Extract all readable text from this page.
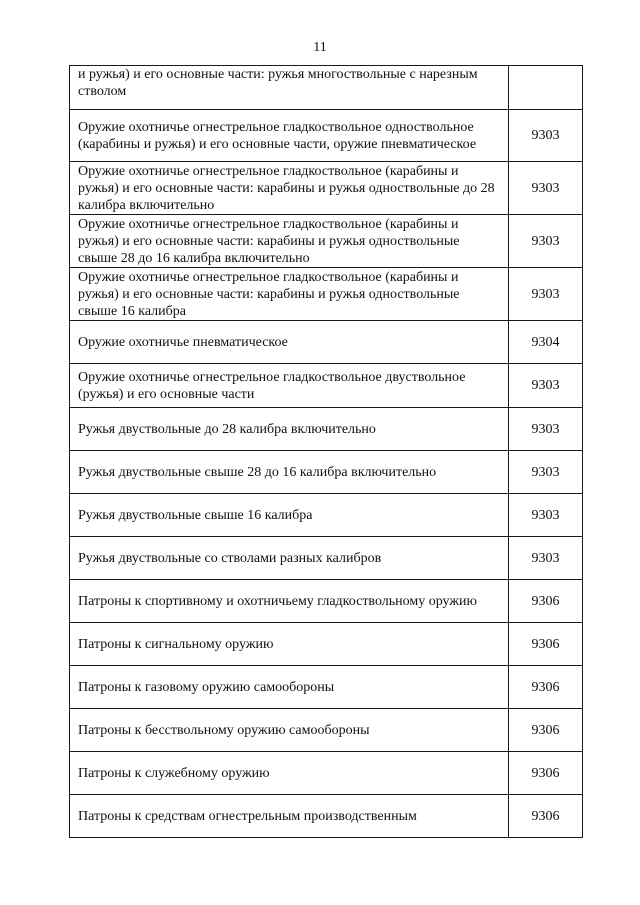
11
и ружья) и его основные части: ружья многоствольные с нарезным стволом	
Оружие охотничье огнестрельное гладкоствольное одноствольное (карабины и ружья) и его основные части, оружие пневматическое	9303
Оружие охотничье огнестрельное гладкоствольное (карабины и ружья) и его основные части: карабины и ружья одноствольные до 28 калибра включительно	9303
Оружие охотничье огнестрельное гладкоствольное (карабины и ружья) и его основные части: карабины и ружья одноствольные свыше 28 до 16 калибра включительно	9303
Оружие охотничье огнестрельное гладкоствольное (карабины и ружья) и его основные части: карабины и ружья одноствольные свыше 16 калибра	9303
Оружие охотничье пневматическое	9304
Оружие охотничье огнестрельное гладкоствольное двуствольное (ружья) и его основные части	9303
Ружья двуствольные до 28 калибра включительно	9303
Ружья двуствольные свыше 28 до 16 калибра включительно	9303
Ружья двуствольные свыше 16 калибра	9303
Ружья двуствольные со стволами разных калибров	9303
Патроны к спортивному и охотничьему гладкоствольному оружию	9306
Патроны к сигнальному оружию	9306
Патроны к газовому оружию самообороны	9306
Патроны к бесствольному оружию самообороны	9306
Патроны к служебному оружию	9306
Патроны к средствам огнестрельным производственным	9306
